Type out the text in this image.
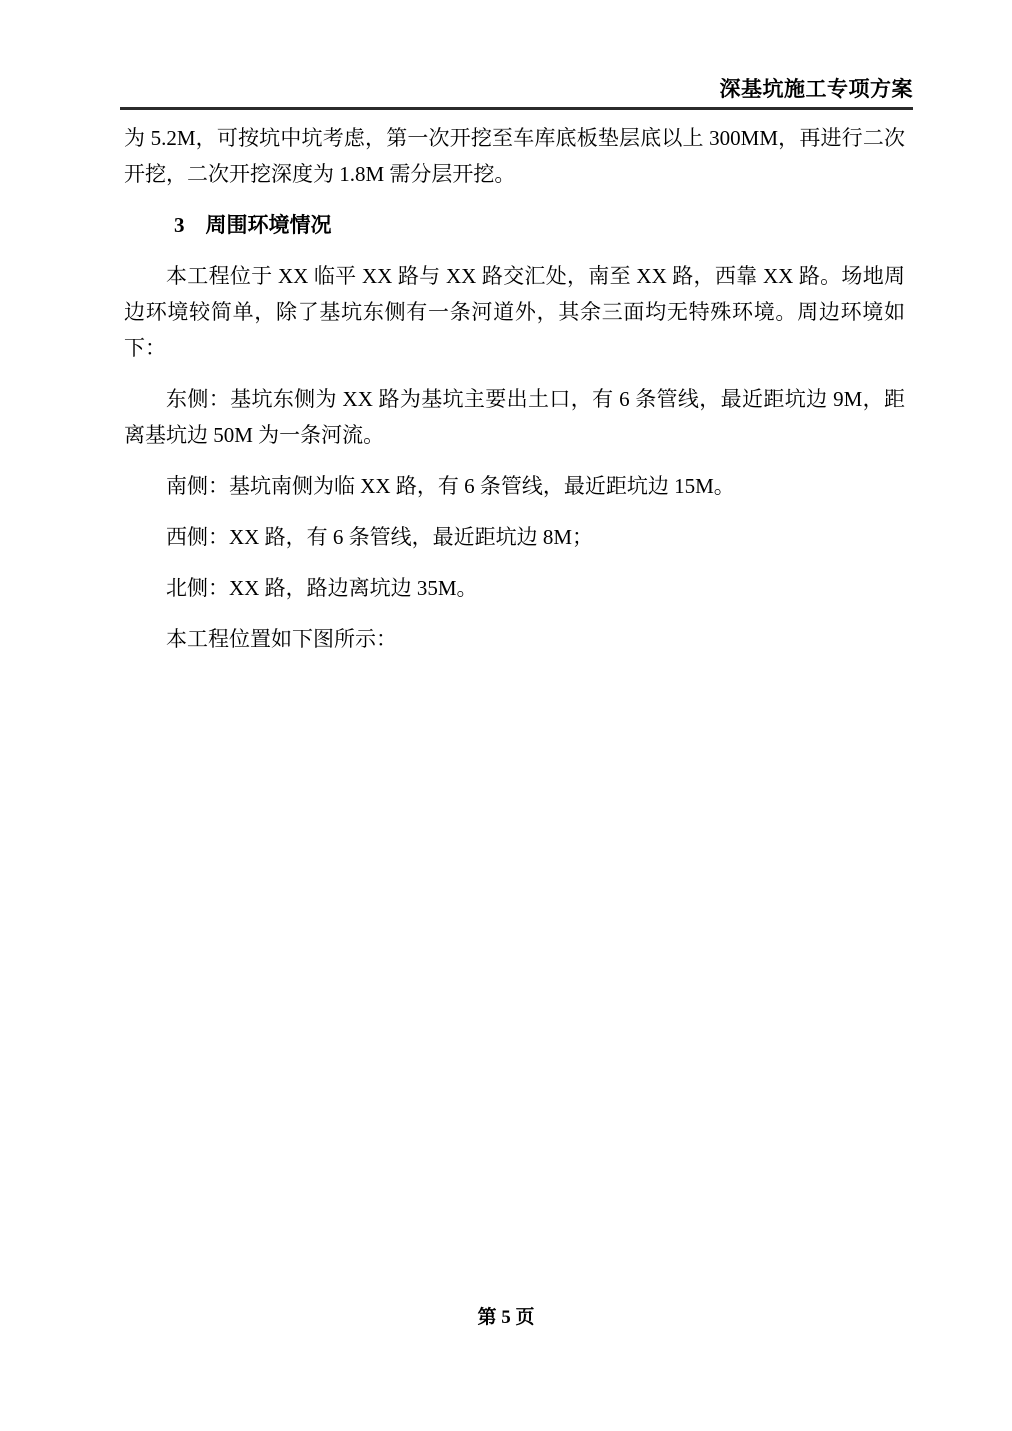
深基坑施工专项方案

为 5.2M，可按坑中坑考虑，第一次开挖至车库底板垫层底以上 300MM，再进行二次开挖，二次开挖深度为 1.8M 需分层开挖。

3　周围环境情况

本工程位于 XX 临平 XX 路与 XX 路交汇处，南至 XX 路，西靠 XX 路。场地周边环境较简单，除了基坑东侧有一条河道外，其余三面均无特殊环境。周边环境如下：

东侧：基坑东侧为 XX 路为基坑主要出土口，有 6 条管线，最近距坑边 9M，距离基坑边 50M 为一条河流。

南侧：基坑南侧为临 XX 路，有 6 条管线，最近距坑边 15M。

西侧：XX 路，有 6 条管线，最近距坑边 8M；

北侧：XX 路，路边离坑边 35M。

本工程位置如下图所示：

第 5 页
